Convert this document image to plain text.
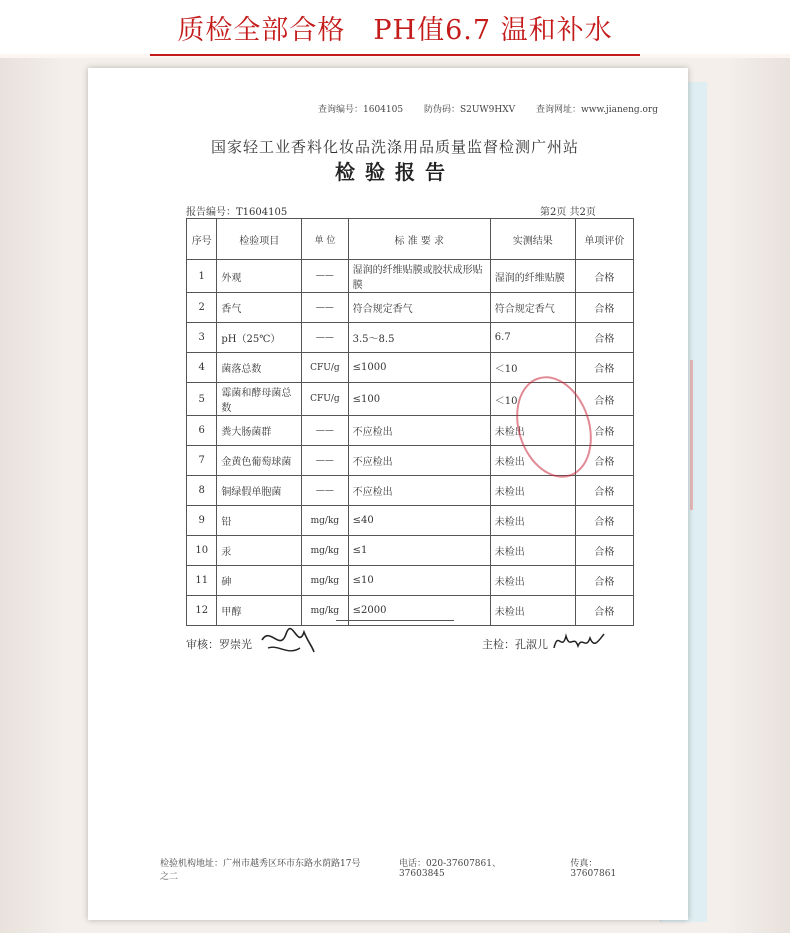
质检全部合格 PH值6.7 温和补水
查询编号：1604105 防伪码：S2UW9HXV 查询网址：www.jianeng.org
国家轻工业香料化妆品洗涤用品质量监督检测广州站
检验报告
报告编号：T1604105	第2页 共2页
序号	检验项目	单 位	标 准 要 求	实测结果	单项评价
1	外观	——	湿润的纤维贴膜或胶状成形贴膜	湿润的纤维贴膜	合格
2	香气	——	符合规定香气	符合规定香气	合格
3	pH（25℃）	——	3.5～8.5	6.7	合格
4	菌落总数	CFU/g	≤1000	＜10	合格
5	霉菌和酵母菌总数	CFU/g	≤100	＜10	合格
6	粪大肠菌群	——	不应检出	未检出	合格
7	金黄色葡萄球菌	——	不应检出	未检出	合格
8	铜绿假单胞菌	——	不应检出	未检出	合格
9	铅	mg/kg	≤40	未检出	合格
10	汞	mg/kg	≤1	未检出	合格
11	砷	mg/kg	≤10	未检出	合格
12	甲醇	mg/kg	≤2000	未检出	合格
审核：罗崇光	主检：孔淑儿
检验机构地址：广州市越秀区环市东路水荫路17号之二
电话：020-37607861、37603845
传真：37607861
